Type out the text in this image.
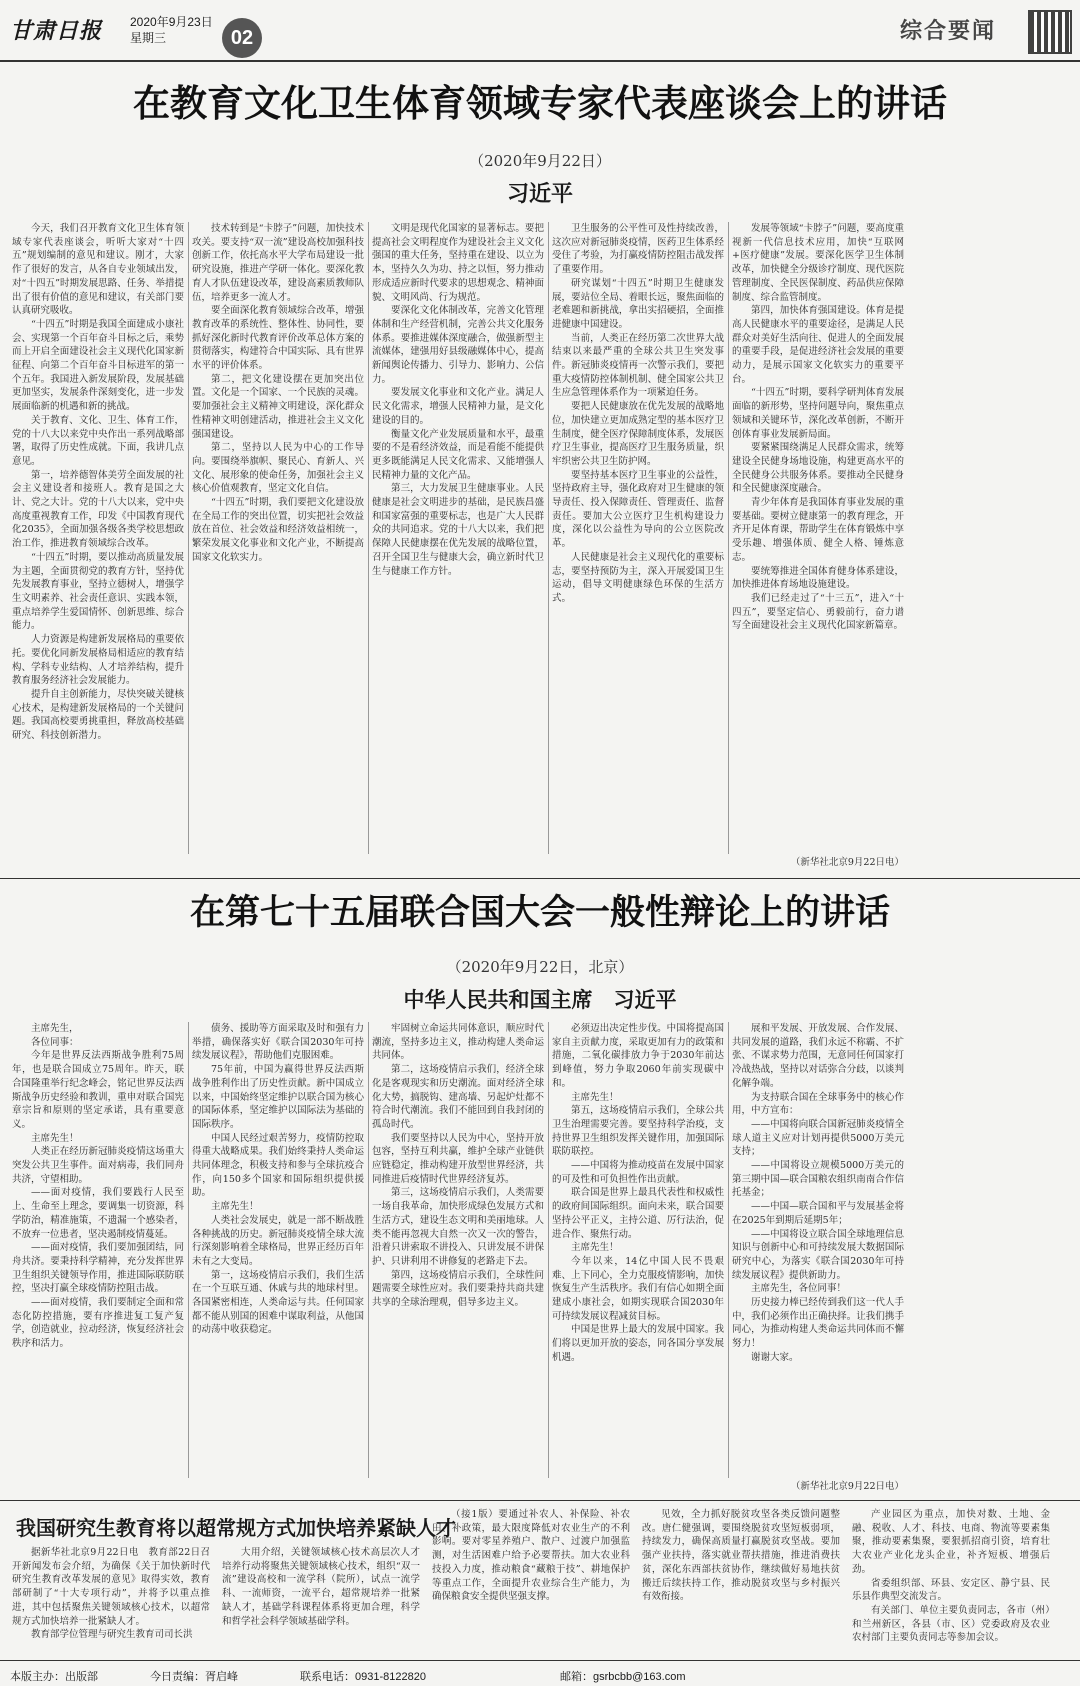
甘肃日报 2020年9月23日
星期三	02	综合要闻
在教育文化卫生体育领域专家代表座谈会上的讲话
（2020年9月22日）
习近平

今天，我们召开教育文化卫生体育领域专家代表座谈会，听听大家对“十四五”规划编制的意见和建议。刚才，大家作了很好的发言，从各自专业领域出发，对“十四五”时期发展思路、任务、举措提出了很有价值的意见和建议，有关部门要认真研究吸收。

“十四五”时期是我国全面建成小康社会、实现第一个百年奋斗目标之后，乘势而上开启全面建设社会主义现代化国家新征程、向第二个百年奋斗目标进军的第一个五年。我国进入新发展阶段，发展基础更加坚实，发展条件深刻变化，进一步发展面临新的机遇和新的挑战。

关于教育、文化、卫生、体育工作，党的十八大以来党中央作出一系列战略部署，取得了历史性成就。下面，我讲几点意见。

第一，培养德智体美劳全面发展的社会主义建设者和接班人。教育是国之大计、党之大计。党的十八大以来，党中央高度重视教育工作，印发《中国教育现代化2035》，全面加强各级各类学校思想政治工作，推进教育领域综合改革。

“十四五”时期，要以推动高质量发展为主题，全面贯彻党的教育方针，坚持优先发展教育事业，坚持立德树人，增强学生文明素养、社会责任意识、实践本领，重点培养学生爱国情怀、创新思维、综合能力。

人力资源是构建新发展格局的重要依托。要优化同新发展格局相适应的教育结构、学科专业结构、人才培养结构，提升教育服务经济社会发展能力。

提升自主创新能力，尽快突破关键核心技术，是构建新发展格局的一个关键问题。我国高校要勇挑重担，释放高校基础研究、科技创新潜力。

技术转到是“卡脖子”问题，加快技术攻关。要支持“双一流”建设高校加强科技创新工作，依托高水平大学布局建设一批研究设施，推进产学研一体化。要深化教育人才队伍建设改革，建设高素质教师队伍，培养更多一流人才。

要全面深化教育领域综合改革，增强教育改革的系统性、整体性、协同性，要抓好深化新时代教育评价改革总体方案的贯彻落实，构建符合中国实际、具有世界水平的评价体系。

第二，把文化建设摆在更加突出位置。文化是一个国家、一个民族的灵魂。要加强社会主义精神文明建设，深化群众性精神文明创建活动，推进社会主义文化强国建设。

第二，坚持以人民为中心的工作导向。要围绕举旗帜、聚民心、育新人、兴文化、展形象的使命任务，加强社会主义核心价值观教育，坚定文化自信。

“十四五”时期，我们要把文化建设放在全局工作的突出位置，切实把社会效益放在首位、社会效益和经济效益相统一，繁荣发展文化事业和文化产业，不断提高国家文化软实力。

文明是现代化国家的显著标志。要把提高社会文明程度作为建设社会主义文化强国的重大任务，坚持重在建设、以立为本，坚持久久为功、持之以恒，努力推动形成适应新时代要求的思想观念、精神面貌、文明风尚、行为规范。

要深化文化体制改革，完善文化管理体制和生产经营机制，完善公共文化服务体系。要推进媒体深度融合，做强新型主流媒体，建强用好县级融媒体中心，提高新闻舆论传播力、引导力、影响力、公信力。

要发展文化事业和文化产业。满足人民文化需求，增强人民精神力量，是文化建设的目的。

衡量文化产业发展质量和水平，最重要的不是看经济效益，而是看能不能提供更多既能满足人民文化需求、又能增强人民精神力量的文化产品。

第三，大力发展卫生健康事业。人民健康是社会文明进步的基础，是民族昌盛和国家富强的重要标志，也是广大人民群众的共同追求。党的十八大以来，我们把保障人民健康摆在优先发展的战略位置，召开全国卫生与健康大会，确立新时代卫生与健康工作方针。

卫生服务的公平性可及性持续改善，这次应对新冠肺炎疫情，医药卫生体系经受住了考验，为打赢疫情防控阻击战发挥了重要作用。

研究谋划“十四五”时期卫生健康发展，要站位全局、着眼长远，聚焦面临的老难题和新挑战，拿出实招硬招，全面推进健康中国建设。

当前，人类正在经历第二次世界大战结束以来最严重的全球公共卫生突发事件。新冠肺炎疫情再一次警示我们，要把重大疫情防控体制机制、健全国家公共卫生应急管理体系作为一项紧迫任务。

要把人民健康放在优先发展的战略地位，加快建立更加成熟定型的基本医疗卫生制度，健全医疗保障制度体系，发展医疗卫生事业，提高医疗卫生服务质量，织牢织密公共卫生防护网。

要坚持基本医疗卫生事业的公益性，坚持政府主导，强化政府对卫生健康的领导责任、投入保障责任、管理责任、监督责任。要加大公立医疗卫生机构建设力度，深化以公益性为导向的公立医院改革。

人民健康是社会主义现代化的重要标志，要坚持预防为主，深入开展爱国卫生运动，倡导文明健康绿色环保的生活方式。

发展等领域“卡脖子”问题，要高度重视新一代信息技术应用，加快“互联网+医疗健康”发展。要深化医学卫生体制改革，加快健全分级诊疗制度、现代医院管理制度、全民医保制度、药品供应保障制度、综合监管制度。

第四，加快体育强国建设。体育是提高人民健康水平的重要途径，是满足人民群众对美好生活向往、促进人的全面发展的重要手段，是促进经济社会发展的重要动力，是展示国家文化软实力的重要平台。

“十四五”时期，要科学研判体育发展面临的新形势，坚持问题导向，聚焦重点领域和关键环节，深化改革创新，不断开创体育事业发展新局面。

要紧紧围绕满足人民群众需求，统筹建设全民健身场地设施，构建更高水平的全民健身公共服务体系。要推动全民健身和全民健康深度融合。

青少年体育是我国体育事业发展的重要基础。要树立健康第一的教育理念，开齐开足体育课，帮助学生在体育锻炼中享受乐趣、增强体质、健全人格、锤炼意志。

要统筹推进全国体育健身体系建设，加快推进体育场地设施建设。

我们已经走过了“十三五”，进入“十四五”，要坚定信心、勇毅前行，奋力谱写全面建设社会主义现代化国家新篇章。

（新华社北京9月22日电）

在第七十五届联合国大会一般性辩论上的讲话
（2020年9月22日，北京）
中华人民共和国主席　习近平

主席先生，

各位同事：

今年是世界反法西斯战争胜利75周年，也是联合国成立75周年。昨天，联合国隆重举行纪念峰会，铭记世界反法西斯战争历史经验和教训，重申对联合国宪章宗旨和原则的坚定承诺，具有重要意义。

主席先生！

人类正在经历新冠肺炎疫情这场重大突发公共卫生事件。面对病毒，我们同舟共济，守望相助。

——面对疫情，我们要践行人民至上、生命至上理念，要调集一切资源，科学防治，精准施策，不遗漏一个感染者，不放弃一位患者，坚决遏制疫情蔓延。

——面对疫情，我们要加强团结，同舟共济。要秉持科学精神，充分发挥世界卫生组织关键领导作用，推进国际联防联控，坚决打赢全球疫情防控阻击战。

——面对疫情，我们要制定全面和常态化防控措施，要有序推进复工复产复学，创造就业，拉动经济，恢复经济社会秩序和活力。

债务、援助等方面采取及时和强有力举措，确保落实好《联合国2030年可持续发展议程》，帮助他们克服困难。

75年前，中国为赢得世界反法西斯战争胜利作出了历史性贡献。新中国成立以来，中国始终坚定维护以联合国为核心的国际体系，坚定维护以国际法为基础的国际秩序。

中国人民经过艰苦努力，疫情防控取得重大战略成果。我们始终秉持人类命运共同体理念，积极支持和参与全球抗疫合作，向150多个国家和国际组织提供援助。

主席先生！

人类社会发展史，就是一部不断战胜各种挑战的历史。新冠肺炎疫情全球大流行深刻影响着全球格局，世界正经历百年未有之大变局。

第一，这场疫情启示我们，我们生活在一个互联互通、休戚与共的地球村里。各国紧密相连，人类命运与共。任何国家都不能从别国的困难中谋取利益，从他国的动荡中收获稳定。

牢固树立命运共同体意识，顺应时代潮流，坚持多边主义，推动构建人类命运共同体。

第二，这场疫情启示我们，经济全球化是客观现实和历史潮流。面对经济全球化大势，搞脱钩、建高墙、另起炉灶都不符合时代潮流。我们不能回到自我封闭的孤岛时代。

我们要坚持以人民为中心，坚持开放包容，坚持互利共赢，维护全球产业链供应链稳定，推动构建开放型世界经济，共同推进后疫情时代世界经济复苏。

第三，这场疫情启示我们，人类需要一场自我革命，加快形成绿色发展方式和生活方式，建设生态文明和美丽地球。人类不能再忽视大自然一次又一次的警告，沿着只讲索取不讲投入、只讲发展不讲保护、只讲利用不讲修复的老路走下去。

第四，这场疫情启示我们，全球性问题需要全球性应对。我们要秉持共商共建共享的全球治理观，倡导多边主义。

必须迈出决定性步伐。中国将提高国家自主贡献力度，采取更加有力的政策和措施，二氧化碳排放力争于2030年前达到峰值，努力争取2060年前实现碳中和。

主席先生！

第五，这场疫情启示我们，全球公共卫生治理需要完善。要坚持科学治疫，支持世界卫生组织发挥关键作用，加强国际联防联控。

——中国将为推动疫苗在发展中国家的可及性和可负担性作出贡献。

联合国是世界上最具代表性和权威性的政府间国际组织。面向未来，联合国要坚持公平正义，主持公道、厉行法治，促进合作、聚焦行动。

主席先生！

今年以来，14亿中国人民不畏艰难、上下同心，全力克服疫情影响，加快恢复生产生活秩序。我们有信心如期全面建成小康社会，如期实现联合国2030年可持续发展议程减贫目标。

中国是世界上最大的发展中国家。我们将以更加开放的姿态，同各国分享发展机遇。

展和平发展、开放发展、合作发展、共同发展的道路，我们永远不称霸、不扩张、不谋求势力范围，无意同任何国家打冷战热战，坚持以对话弥合分歧，以谈判化解争端。

为支持联合国在全球事务中的核心作用，中方宣布：

——中国将向联合国新冠肺炎疫情全球人道主义应对计划再提供5000万美元支持；

——中国将设立规模5000万美元的第三期中国—联合国粮农组织南南合作信托基金；

——中国—联合国和平与发展基金将在2025年到期后延期5年；

——中国将设立联合国全球地理信息知识与创新中心和可持续发展大数据国际研究中心，为落实《联合国2030年可持续发展议程》提供新助力。

主席先生，各位同事！

历史接力棒已经传到我们这一代人手中，我们必须作出正确抉择。让我们携手同心，为推动构建人类命运共同体而不懈努力！

谢谢大家。

（新华社北京9月22日电）

我国研究生教育将以超常规方式加快培养紧缺人才

据新华社北京9月22日电　教育部22日召开新闻发布会介绍，为确保《关于加快新时代研究生教育改革发展的意见》取得实效，教育部研制了“十大专项行动”，并将予以重点推进，其中包括聚焦关键领域核心技术，以超常规方式加快培养一批紧缺人才。

教育部学位管理与研究生教育司司长洪

大用介绍，关键领域核心技术高层次人才培养行动将聚焦关键领域核心技术，组织“双一流”建设高校和一流学科（院所），试点一流学科、一流师资，一流平台，超常规培养一批紧缺人才，基础学科课程体系将更加合理，科学和哲学社会科学领域基础学科。

（接1版）要通过补农人、补保险、补农田、补政策，最大限度降低对农业生产的不利影响。要对零星养殖户、散户、过渡户加强监测，对生活困难户给予必要帮扶。加大农业科技投入力度，推动粮食“藏粮于技”、耕地保护等重点工作，全面提升农业综合生产能力，为确保粮食安全提供坚强支撑。

见效，全力抓好脱贫攻坚各类反馈问题整改。唐仁健强调，要围绕脱贫攻坚短板弱项，持续发力，确保高质量打赢脱贫攻坚战。要加强产业扶持，落实就业帮扶措施，推进消费扶贫，深化东西部扶贫协作，继续做好易地扶贫搬迁后续扶持工作，推动脱贫攻坚与乡村振兴有效衔接。

产业园区为重点，加快对数、土地、金融、税收、人才、科技、电商、物流等要素集聚，推动要素集聚，要狠抓招商引资，培育壮大农业产业化龙头企业，补齐短板、增强后劲。

省委组织部、环县、安定区、静宁县、民乐县作典型交流发言。

有关部门、单位主要负责同志，各市（州）和兰州新区，各县（市、区）党委政府及农业农村部门主要负责同志等参加会议。

本版主办：出版部	今日责编：胥启峰	联系电话：0931-8122820	邮箱：gsrbcbb@163.com
